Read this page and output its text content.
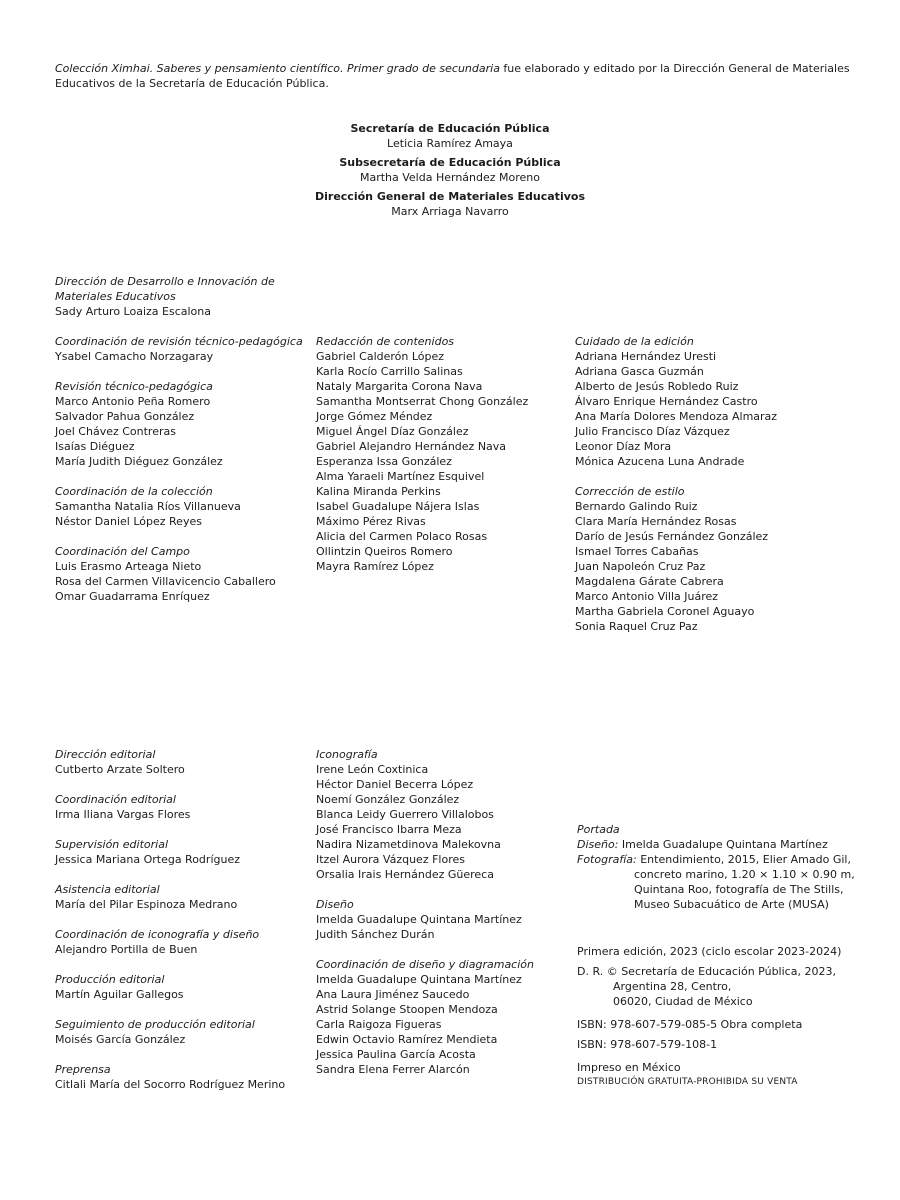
Colección Ximhai. Saberes y pensamiento científico. Primer grado de secundaria fue elaborado y editado por la Dirección General de Materiales Educativos de la Secretaría de Educación Pública.
Secretaría de Educación Pública
Leticia Ramírez Amaya
Subsecretaría de Educación Pública
Martha Velda Hernández Moreno
Dirección General de Materiales Educativos
Marx Arriaga Navarro
Dirección de Desarrollo e Innovación de
Materiales Educativos
Sady Arturo Loaiza Escalona
Coordinación de revisión técnico-pedagógica
Ysabel Camacho Norzagaray
Revisión técnico-pedagógica
Marco Antonio Peña Romero
Salvador Pahua González
Joel Chávez Contreras
Isaías Diéguez
María Judith Diéguez González
Coordinación de la colección
Samantha Natalia Ríos Villanueva
Néstor Daniel López Reyes
Coordinación del Campo
Luis Erasmo Arteaga Nieto
Rosa del Carmen Villavicencio Caballero
Omar Guadarrama Enríquez
Redacción de contenidos
Gabriel Calderón López
Karla Rocío Carrillo Salinas
Nataly Margarita Corona Nava
Samantha Montserrat Chong González
Jorge Gómez Méndez
Miguel Ángel Díaz González
Gabriel Alejandro Hernández Nava
Esperanza Issa González
Alma Yaraeli Martínez Esquivel
Kalina Miranda Perkins
Isabel Guadalupe Nájera Islas
Máximo Pérez Rivas
Alicia del Carmen Polaco Rosas
Ollintzin Queiros Romero
Mayra Ramírez López
Cuidado de la edición
Adriana Hernández Uresti
Adriana Gasca Guzmán
Alberto de Jesús Robledo Ruiz
Álvaro Enrique Hernández Castro
Ana María Dolores Mendoza Almaraz
Julio Francisco Díaz Vázquez
Leonor Díaz Mora
Mónica Azucena Luna Andrade
Corrección de estilo
Bernardo Galindo Ruiz
Clara María Hernández Rosas
Darío de Jesús Fernández González
Ismael Torres Cabañas
Juan Napoleón Cruz Paz
Magdalena Gárate Cabrera
Marco Antonio Villa Juárez
Martha Gabriela Coronel Aguayo
Sonia Raquel Cruz Paz
Dirección editorial
Cutberto Arzate Soltero
Coordinación editorial
Irma Iliana Vargas Flores
Supervisión editorial
Jessica Mariana Ortega Rodríguez
Asistencia editorial
María del Pilar Espinoza Medrano
Coordinación de iconografía y diseño
Alejandro Portilla de Buen
Producción editorial
Martín Aguilar Gallegos
Seguimiento de producción editorial
Moisés García González
Preprensa
Citlali María del Socorro Rodríguez Merino
Iconografía
Irene León Coxtinica
Héctor Daniel Becerra López
Noemí González González
Blanca Leidy Guerrero Villalobos
José Francisco Ibarra Meza
Nadira Nizametdinova Malekovna
Itzel Aurora Vázquez Flores
Orsalia Irais Hernández Güereca
Diseño
Imelda Guadalupe Quintana Martínez
Judith Sánchez Durán
Coordinación de diseño y diagramación
Imelda Guadalupe Quintana Martínez
Ana Laura Jiménez Saucedo
Astrid Solange Stoopen Mendoza
Carla Raigoza Figueras
Edwin Octavio Ramírez Mendieta
Jessica Paulina García Acosta
Sandra Elena Ferrer Alarcón
Portada
Diseño: Imelda Guadalupe Quintana Martínez
Fotografía: Entendimiento, 2015, Elier Amado Gil,
concreto marino, 1.20 × 1.10 × 0.90 m,
Quintana Roo, fotografía de The Stills,
Museo Subacuático de Arte (MUSA)
Primera edición, 2023 (ciclo escolar 2023-2024)
D. R. © Secretaría de Educación Pública, 2023,
Argentina 28, Centro,
06020, Ciudad de México
ISBN: 978-607-579-085-5 Obra completa
ISBN: 978-607-579-108-1
Impreso en México
DISTRIBUCIÓN GRATUITA-PROHIBIDA SU VENTA
